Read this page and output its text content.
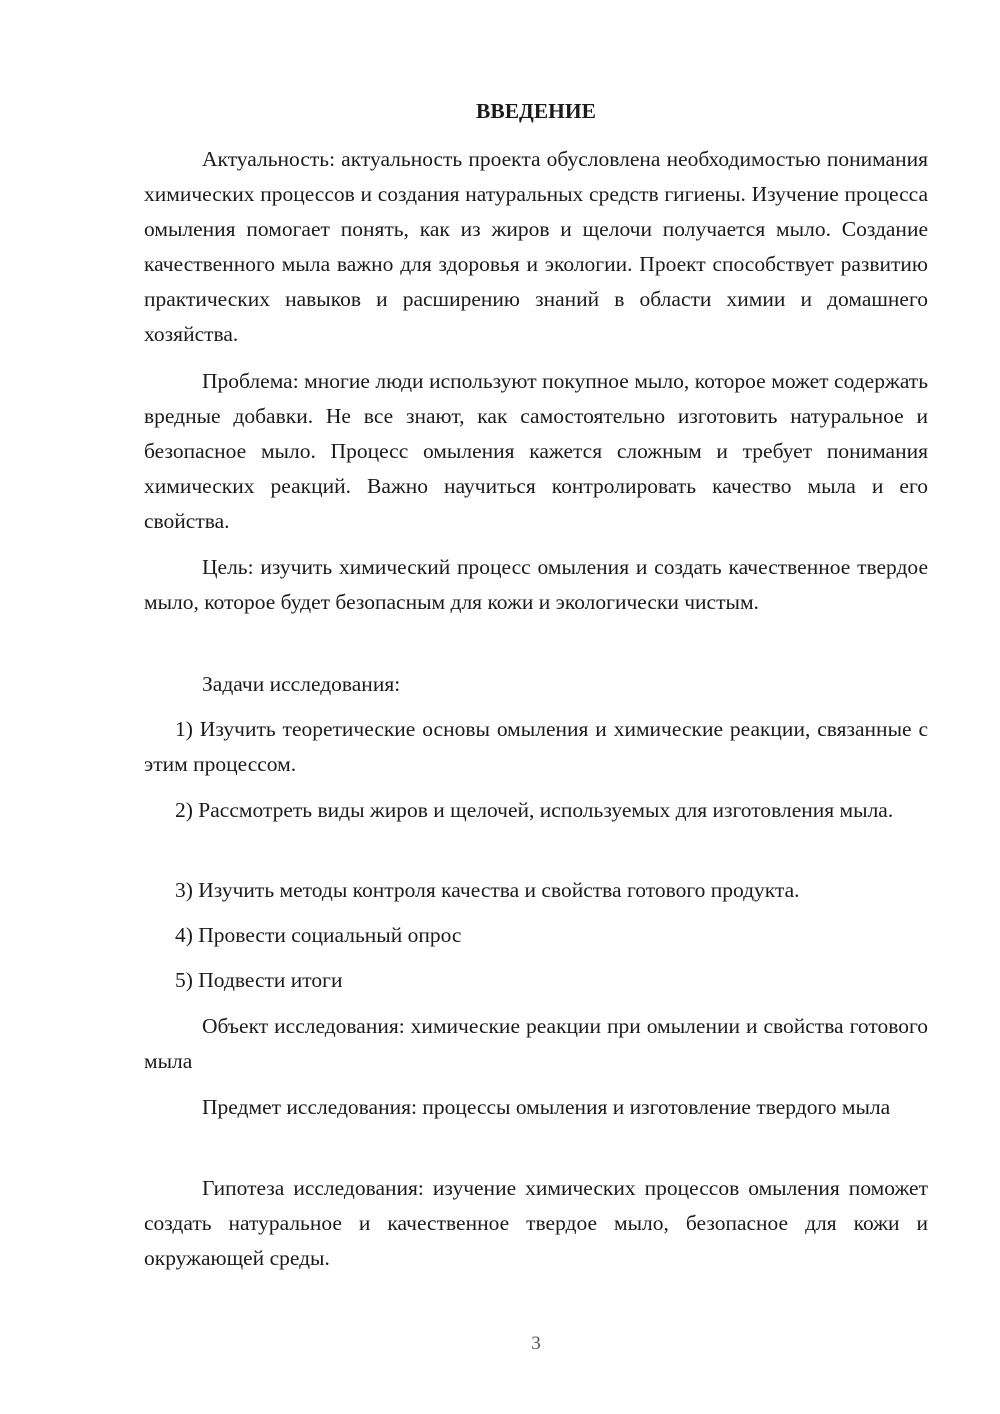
ВВЕДЕНИЕ

Актуальность: актуальность проекта обусловлена необходимостью понимания химических процессов и создания натуральных средств гигиены. Изучение процесса омыления помогает понять, как из жиров и щелочи получается мыло. Создание качественного мыла важно для здоровья и экологии. Проект способствует развитию практических навыков и расширению знаний в области химии и домашнего хозяйства.

Проблема: многие люди используют покупное мыло, которое может содержать вредные добавки. Не все знают, как самостоятельно изготовить натуральное и безопасное мыло. Процесс омыления кажется сложным и требует понимания химических реакций. Важно научиться контролировать качество мыла и его свойства.

Цель: изучить химический процесс омыления и создать качественное твердое мыло, которое будет безопасным для кожи и экологически чистым.

Задачи исследования:

1) Изучить теоретические основы омыления и химические реакции, связанные с этим процессом.

2) Рассмотреть виды жиров и щелочей, используемых для изготовления мыла.

3) Изучить методы контроля качества и свойства готового продукта.

4) Провести социальный опрос

5) Подвести итоги

Объект исследования: химические реакции при омылении и свойства готового мыла

Предмет исследования: процессы омыления и изготовление твердого мыла

Гипотеза исследования: изучение химических процессов омыления поможет создать натуральное и качественное твердое мыло, безопасное для кожи и окружающей среды.

3
